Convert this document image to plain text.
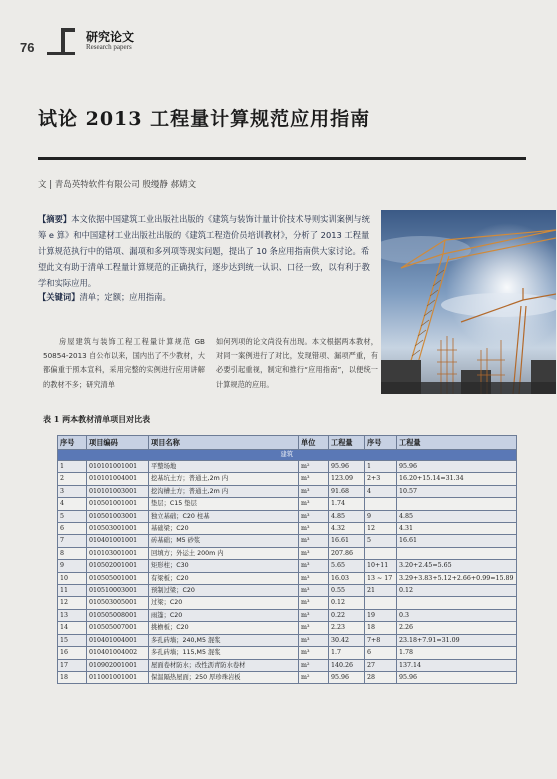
76
研究论文
Research papers
试论 2013 工程量计算规范应用指南
文 | 青岛英特软件有限公司 殷缦静 郝婧文
【摘要】本文依据中国建筑工业出版社出版的《建筑与装饰计量计价技术导则实训案例与统筹 e 算》和中国建材工业出版社出版的《建筑工程造价员培训教材》，分析了 2013 工程量计算规范执行中的错项、漏项和多列项等现实问题，提出了 10 条应用指南供大家讨论。希望此文有助于清单工程量计算规范的正确执行，逐步达到统一认识、口径一致，以有利于教学和实际应用。
【关键词】清单；定额；应用指南。
房屋建筑与装饰工程工程量计算规范 GB 50854-2013 自公布以来，国内出了不少教材，大都偏重于照本宣科，采用完整的实例进行应用讲解的教材不多；研究清单
如何列项的论文尚没有出现。本文根据两本教材，对同一案例进行了对比，发现错项、漏项严重，有必要引起重视，制定和推行“应用指南”，以便统一计算规范的应用。
表 1 两本教材清单项目对比表
序号	项目编码	项目名称	单位	工程量	序号	工程量
建筑						
1	010101001001	平整场地	m²	95.96	1	95.96
2	010101004001	挖基坑土方；普通土,2m 内	m³	123.09	2+3	16.20+15.14=31.34
3	010101003001	挖沟槽土方；普通土,2m 内	m³	91.68	4	10.57
4	010501001001	垫层；C15 垫层	m³	1.74		
5	010501003001	独立基础；C20 柱基	m³	4.85	9	4.85
6	010503001001	基础梁；C20	m³	4.32	12	4.31
7	010401001001	砖基础；M5 砂浆	m³	16.61	5	16.61
8	010103001001	回填方；外运土 200m 内	m³	207.86		
9	010502001001	矩形柱；C30	m³	5.65	10+11	3.20+2.45=5.65
10	010505001001	有梁板；C20	m³	16.03	13 ~ 17	3.29+3.83+5.12+2.66+0.99=15.89
11	010510003001	预制过梁；C20	m³	0.55	21	0.12
12	010503005001	过梁；C20	m³	0.12		
13	010505008001	雨篷；C20	m³	0.22	19	0.3
14	010505007001	挑檐板；C20	m³	2.23	18	2.26
15	010401004001	多孔砖墙；240,M5 混浆	m³	30.42	7+8	23.18+7.91=31.09
16	010401004002	多孔砖墙；115,M5 混浆	m³	1.7	6	1.78
17	010902001001	屋面卷材防水；改性沥青防水卷材	m²	140.26	27	137.14
18	011001001001	保温隔热屋面；250 厚珍珠岩板	m²	95.96	28	95.96
